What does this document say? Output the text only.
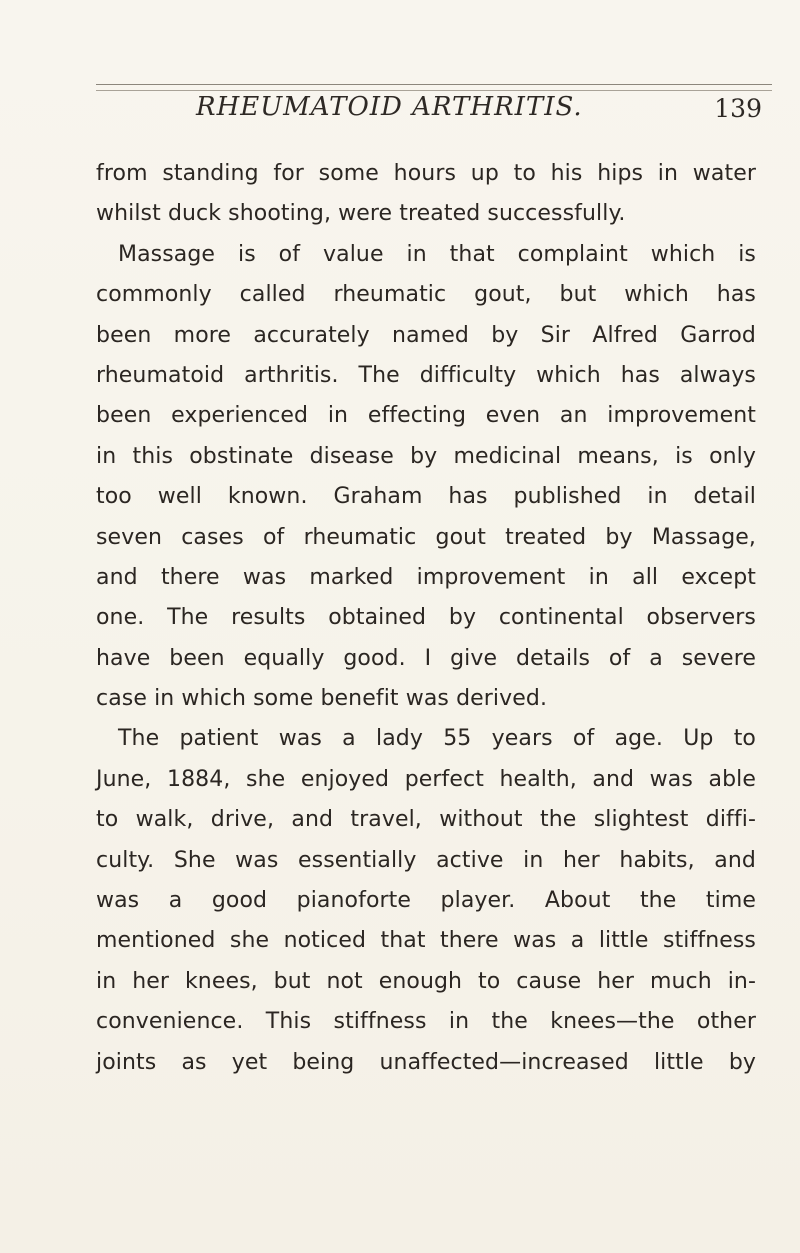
RHEUMATOID ARTHRITIS.	139
from standing for some hours up to his hips in water
whilst duck shooting, were treated successfully.
Massage is of value in that complaint which is
commonly called rheumatic gout, but which has
been more accurately named by Sir Alfred Garrod
rheumatoid arthritis. The difficulty which has always
been experienced in effecting even an improvement
in this obstinate disease by medicinal means, is only
too well known. Graham has published in detail
seven cases of rheumatic gout treated by Massage,
and there was marked improvement in all except
one. The results obtained by continental observers
have been equally good. I give details of a severe
case in which some benefit was derived.
The patient was a lady 55 years of age. Up to
June, 1884, she enjoyed perfect health, and was able
to walk, drive, and travel, without the slightest diffi-
culty. She was essentially active in her habits, and
was a good pianoforte player. About the time
mentioned she noticed that there was a little stiffness
in her knees, but not enough to cause her much in-
convenience. This stiffness in the knees—the other
joints as yet being unaffected—increased little by
